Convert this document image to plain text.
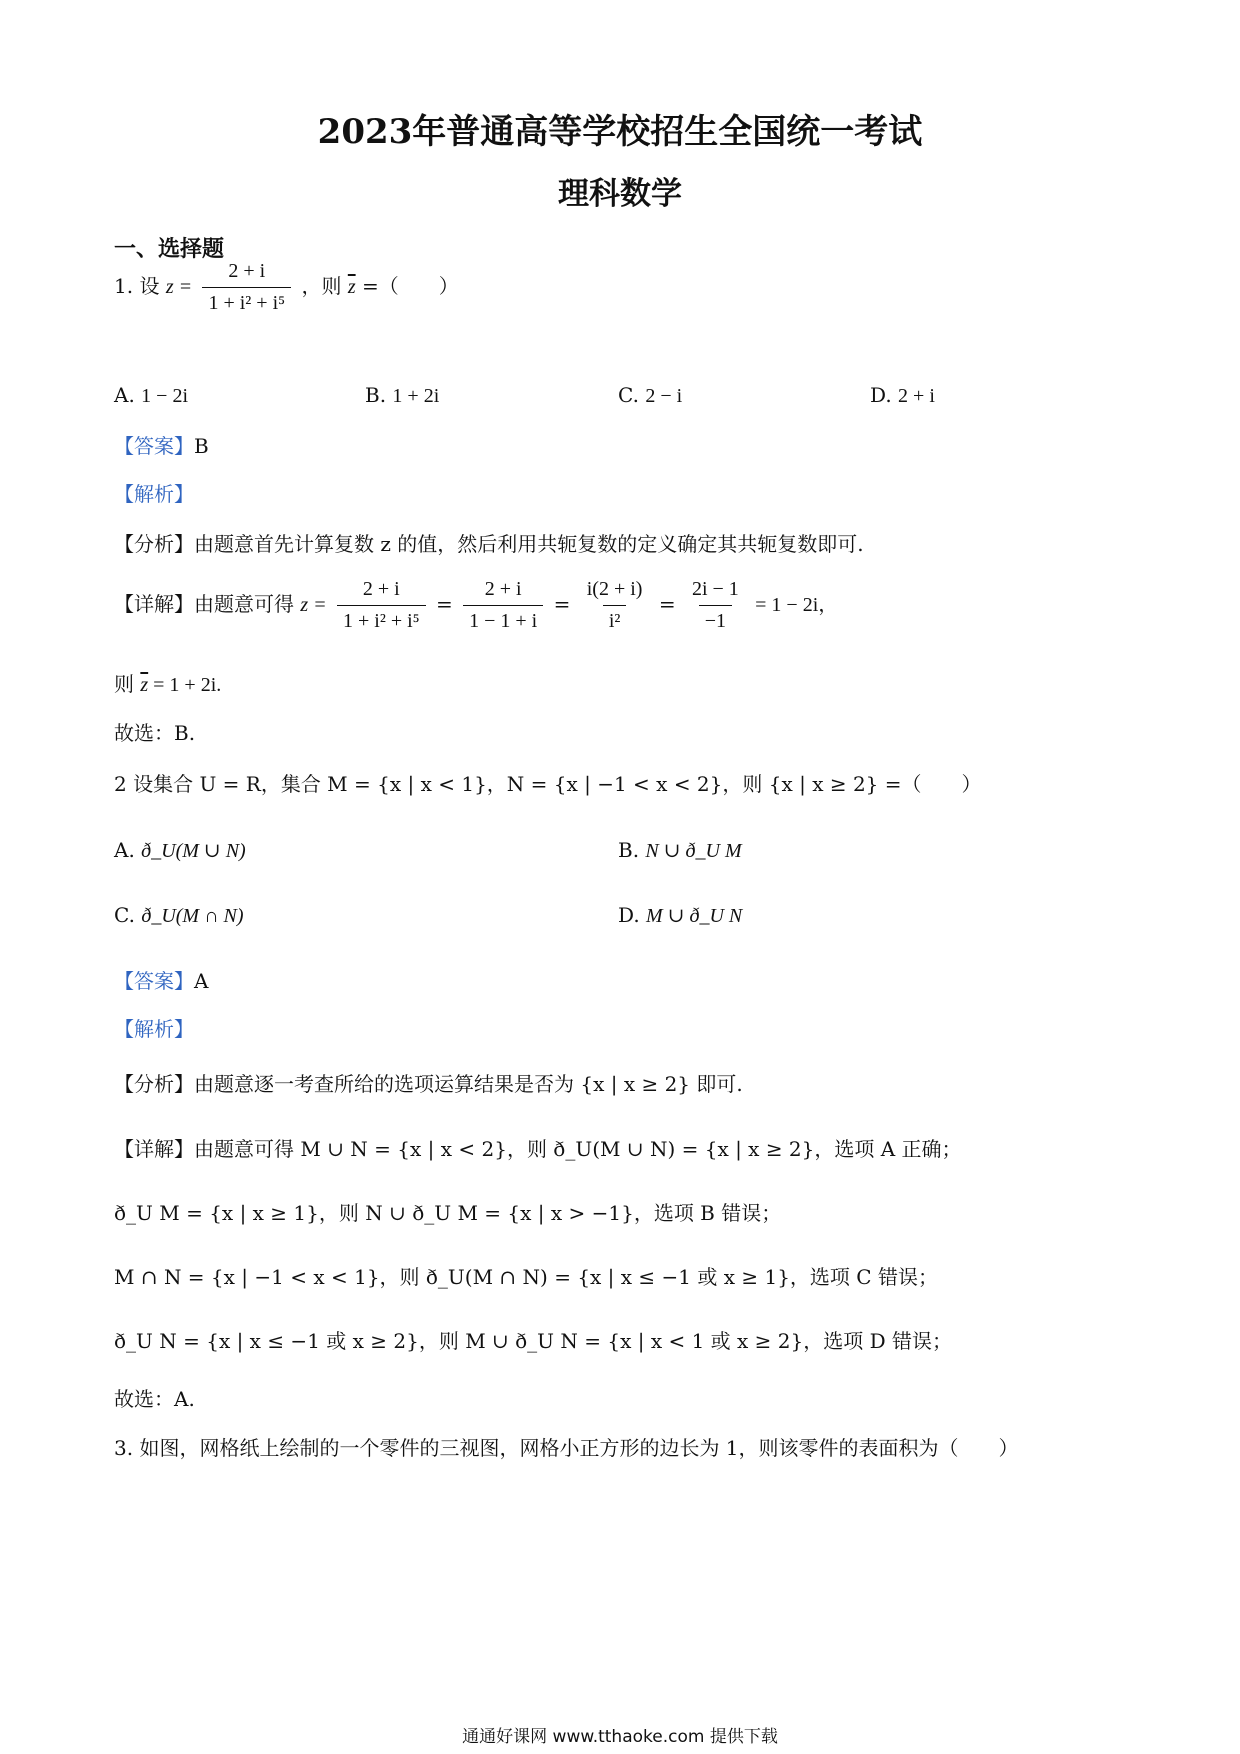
2023年普通高等学校招生全国统一考试
理科数学
一、选择题
1. 设 $z = \frac{2 + i}{\text{1 + i² + i⁵}}$ ，则 $\overline{z}$ =（　　）
A. 1 − 2i	B. 1 + 2i	C. 2 − i	D. 2 + i
【答案】B
【解析】
【分析】由题意首先计算复数 z 的值，然后利用共轭复数的定义确定其共轭复数即可.
【详解】由题意可得 $z = \frac{2 + i}{\text{1 + i² + i⁵}} = \frac{2 + i}{1 - 1 + i} = \frac{i(2 + i)}{\text{i²}} = \frac{2i - 1}{-1} = 1 - 2i$，
则 $\overline{z} = 1 + 2i$.
故选：B.
2 设集合 U = R，集合 M = {x | x < 1}，N = {x | −1 < x < 2}，则 {x | x ≥ 2} =（　　）
A. ð_U(M ∪ N)	B. N ∪ ð_U M
C. ð_U(M ∩ N)	D. M ∪ ð_U N
【答案】A
【解析】
【分析】由题意逐一考查所给的选项运算结果是否为 {x | x ≥ 2} 即可.
【详解】由题意可得 M ∪ N = {x | x < 2}，则 ð_U(M ∪ N) = {x | x ≥ 2}，选项 A 正确；
ð_U M = {x | x ≥ 1}，则 N ∪ ð_U M = {x | x > −1}，选项 B 错误；
M ∩ N = {x | −1 < x < 1}，则 ð_U(M ∩ N) = {x | x ≤ −1 或 x ≥ 1}，选项 C 错误；
ð_U N = {x | x ≤ −1 或 x ≥ 2}，则 M ∪ ð_U N = {x | x < 1 或 x ≥ 2}，选项 D 错误；
故选：A.
3. 如图，网格纸上绘制的一个零件的三视图，网格小正方形的边长为 1，则该零件的表面积为（　　）
通通好课网 www.tthaoke.com 提供下载
